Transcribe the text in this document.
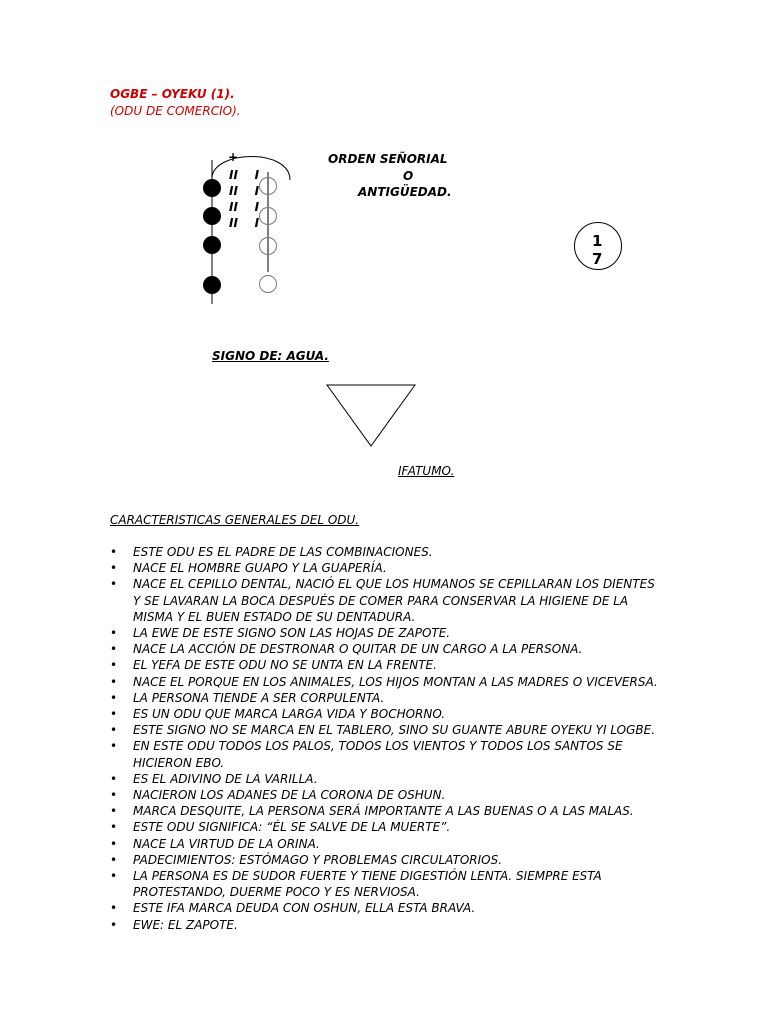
OGBE – OYEKU (1).
(ODU DE COMERCIO).
+
II    I
II    I
II    I
II    I
ORDEN SEÑORIAL
O
ANTIGÜEDAD.
1
7
SIGNO DE: AGUA.
IFATUMO.
CARACTERISTICAS GENERALES DEL ODU.
• ESTE ODU ES EL PADRE DE LAS COMBINACIONES.
• NACE EL HOMBRE GUAPO Y LA GUAPERÍA.
• NACE EL CEPILLO DENTAL, NACIÓ EL QUE LOS HUMANOS SE CEPILLARAN LOS DIENTES Y SE LAVARAN LA BOCA DESPUÉS DE COMER PARA CONSERVAR LA HIGIENE DE LA MISMA Y EL BUEN ESTADO DE SU DENTADURA.
• LA EWE DE ESTE SIGNO SON LAS HOJAS DE ZAPOTE.
• NACE LA ACCIÓN DE DESTRONAR O QUITAR DE UN CARGO A LA PERSONA.
• EL YEFA DE ESTE ODU NO SE UNTA EN LA FRENTE.
• NACE EL PORQUE EN LOS ANIMALES, LOS HIJOS MONTAN A LAS MADRES O VICEVERSA.
• LA PERSONA TIENDE A SER CORPULENTA.
• ES UN ODU QUE MARCA LARGA VIDA Y BOCHORNO.
• ESTE SIGNO NO SE MARCA EN EL TABLERO, SINO SU GUANTE ABURE OYEKU YI LOGBE.
• EN ESTE ODU TODOS LOS PALOS, TODOS LOS VIENTOS Y TODOS LOS SANTOS SE HICIERON EBO.
• ES EL ADIVINO DE LA VARILLA.
• NACIERON LOS ADANES DE LA CORONA DE OSHUN.
• MARCA DESQUITE, LA PERSONA SERÁ IMPORTANTE A LAS BUENAS O A LAS MALAS.
• ESTE ODU SIGNIFICA: “ÉL SE SALVE DE LA MUERTE”.
• NACE LA VIRTUD DE LA ORINA.
• PADECIMIENTOS: ESTÓMAGO Y PROBLEMAS CIRCULATORIOS.
• LA PERSONA ES DE SUDOR FUERTE Y TIENE DIGESTIÓN LENTA. SIEMPRE ESTA PROTESTANDO, DUERME POCO Y ES NERVIOSA.
• ESTE IFA MARCA DEUDA CON OSHUN, ELLA ESTA BRAVA.
• EWE: EL ZAPOTE.
